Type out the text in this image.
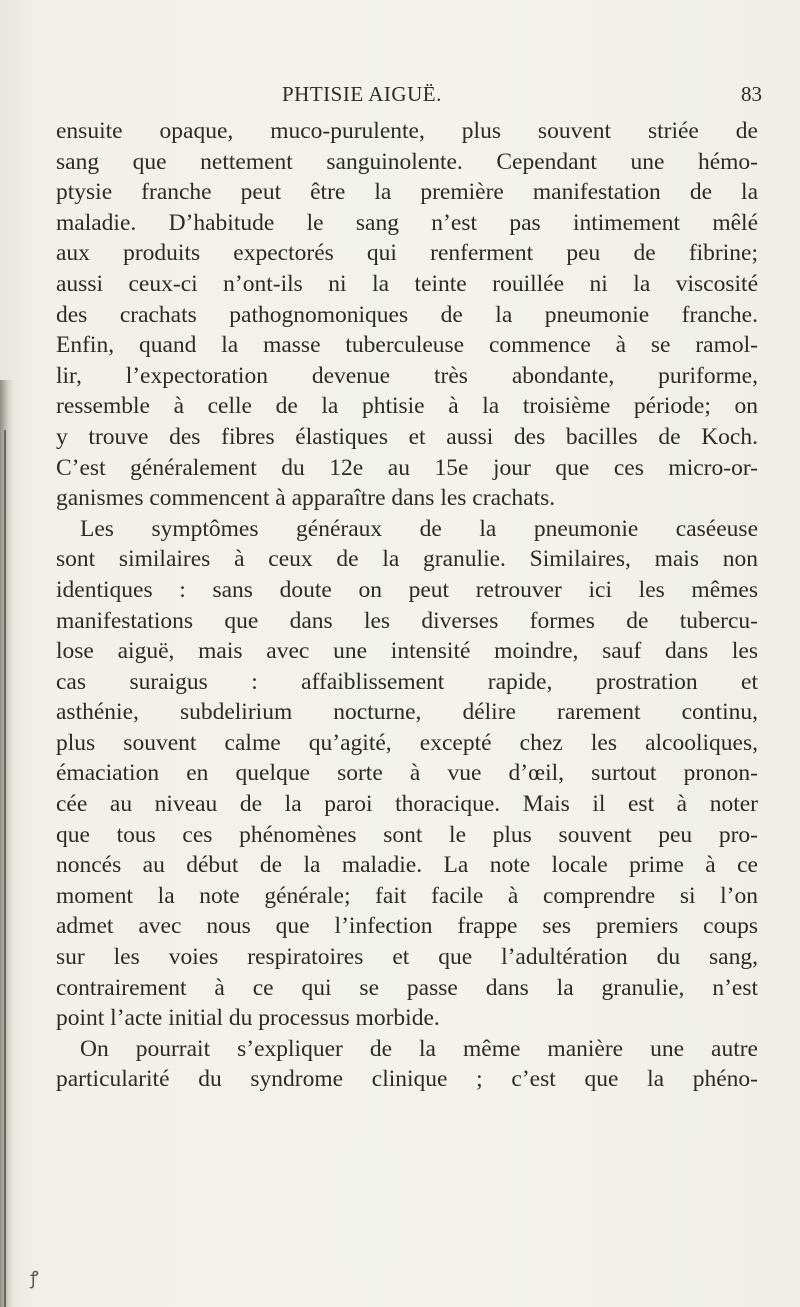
PHTISIE AIGUË.	83
ensuite opaque, muco-purulente, plus souvent striée de
sang que nettement sanguinolente. Cependant une hémo-
ptysie franche peut être la première manifestation de la
maladie. D’habitude le sang n’est pas intimement mêlé
aux produits expectorés qui renferment peu de fibrine;
aussi ceux-ci n’ont-ils ni la teinte rouillée ni la viscosité
des crachats pathognomoniques de la pneumonie franche.
Enfin, quand la masse tuberculeuse commence à se ramol-
lir, l’expectoration devenue très abondante, puriforme,
ressemble à celle de la phtisie à la troisième période; on
y trouve des fibres élastiques et aussi des bacilles de Koch.
C’est généralement du 12e au 15e jour que ces micro-or-
ganismes commencent à apparaître dans les crachats.
Les symptômes généraux de la pneumonie caséeuse
sont similaires à ceux de la granulie. Similaires, mais non
identiques : sans doute on peut retrouver ici les mêmes
manifestations que dans les diverses formes de tubercu-
lose aiguë, mais avec une intensité moindre, sauf dans les
cas suraigus : affaiblissement rapide, prostration et
asthénie, subdelirium nocturne, délire rarement continu,
plus souvent calme qu’agité, excepté chez les alcooliques,
émaciation en quelque sorte à vue d’œil, surtout pronon-
cée au niveau de la paroi thoracique. Mais il est à noter
que tous ces phénomènes sont le plus souvent peu pro-
noncés au début de la maladie. La note locale prime à ce
moment la note générale; fait facile à comprendre si l’on
admet avec nous que l’infection frappe ses premiers coups
sur les voies respiratoires et que l’adultération du sang,
contrairement à ce qui se passe dans la granulie, n’est
point l’acte initial du processus morbide.
On pourrait s’expliquer de la même manière une autre
particularité du syndrome clinique ; c’est que la phéno-
ꝭ
